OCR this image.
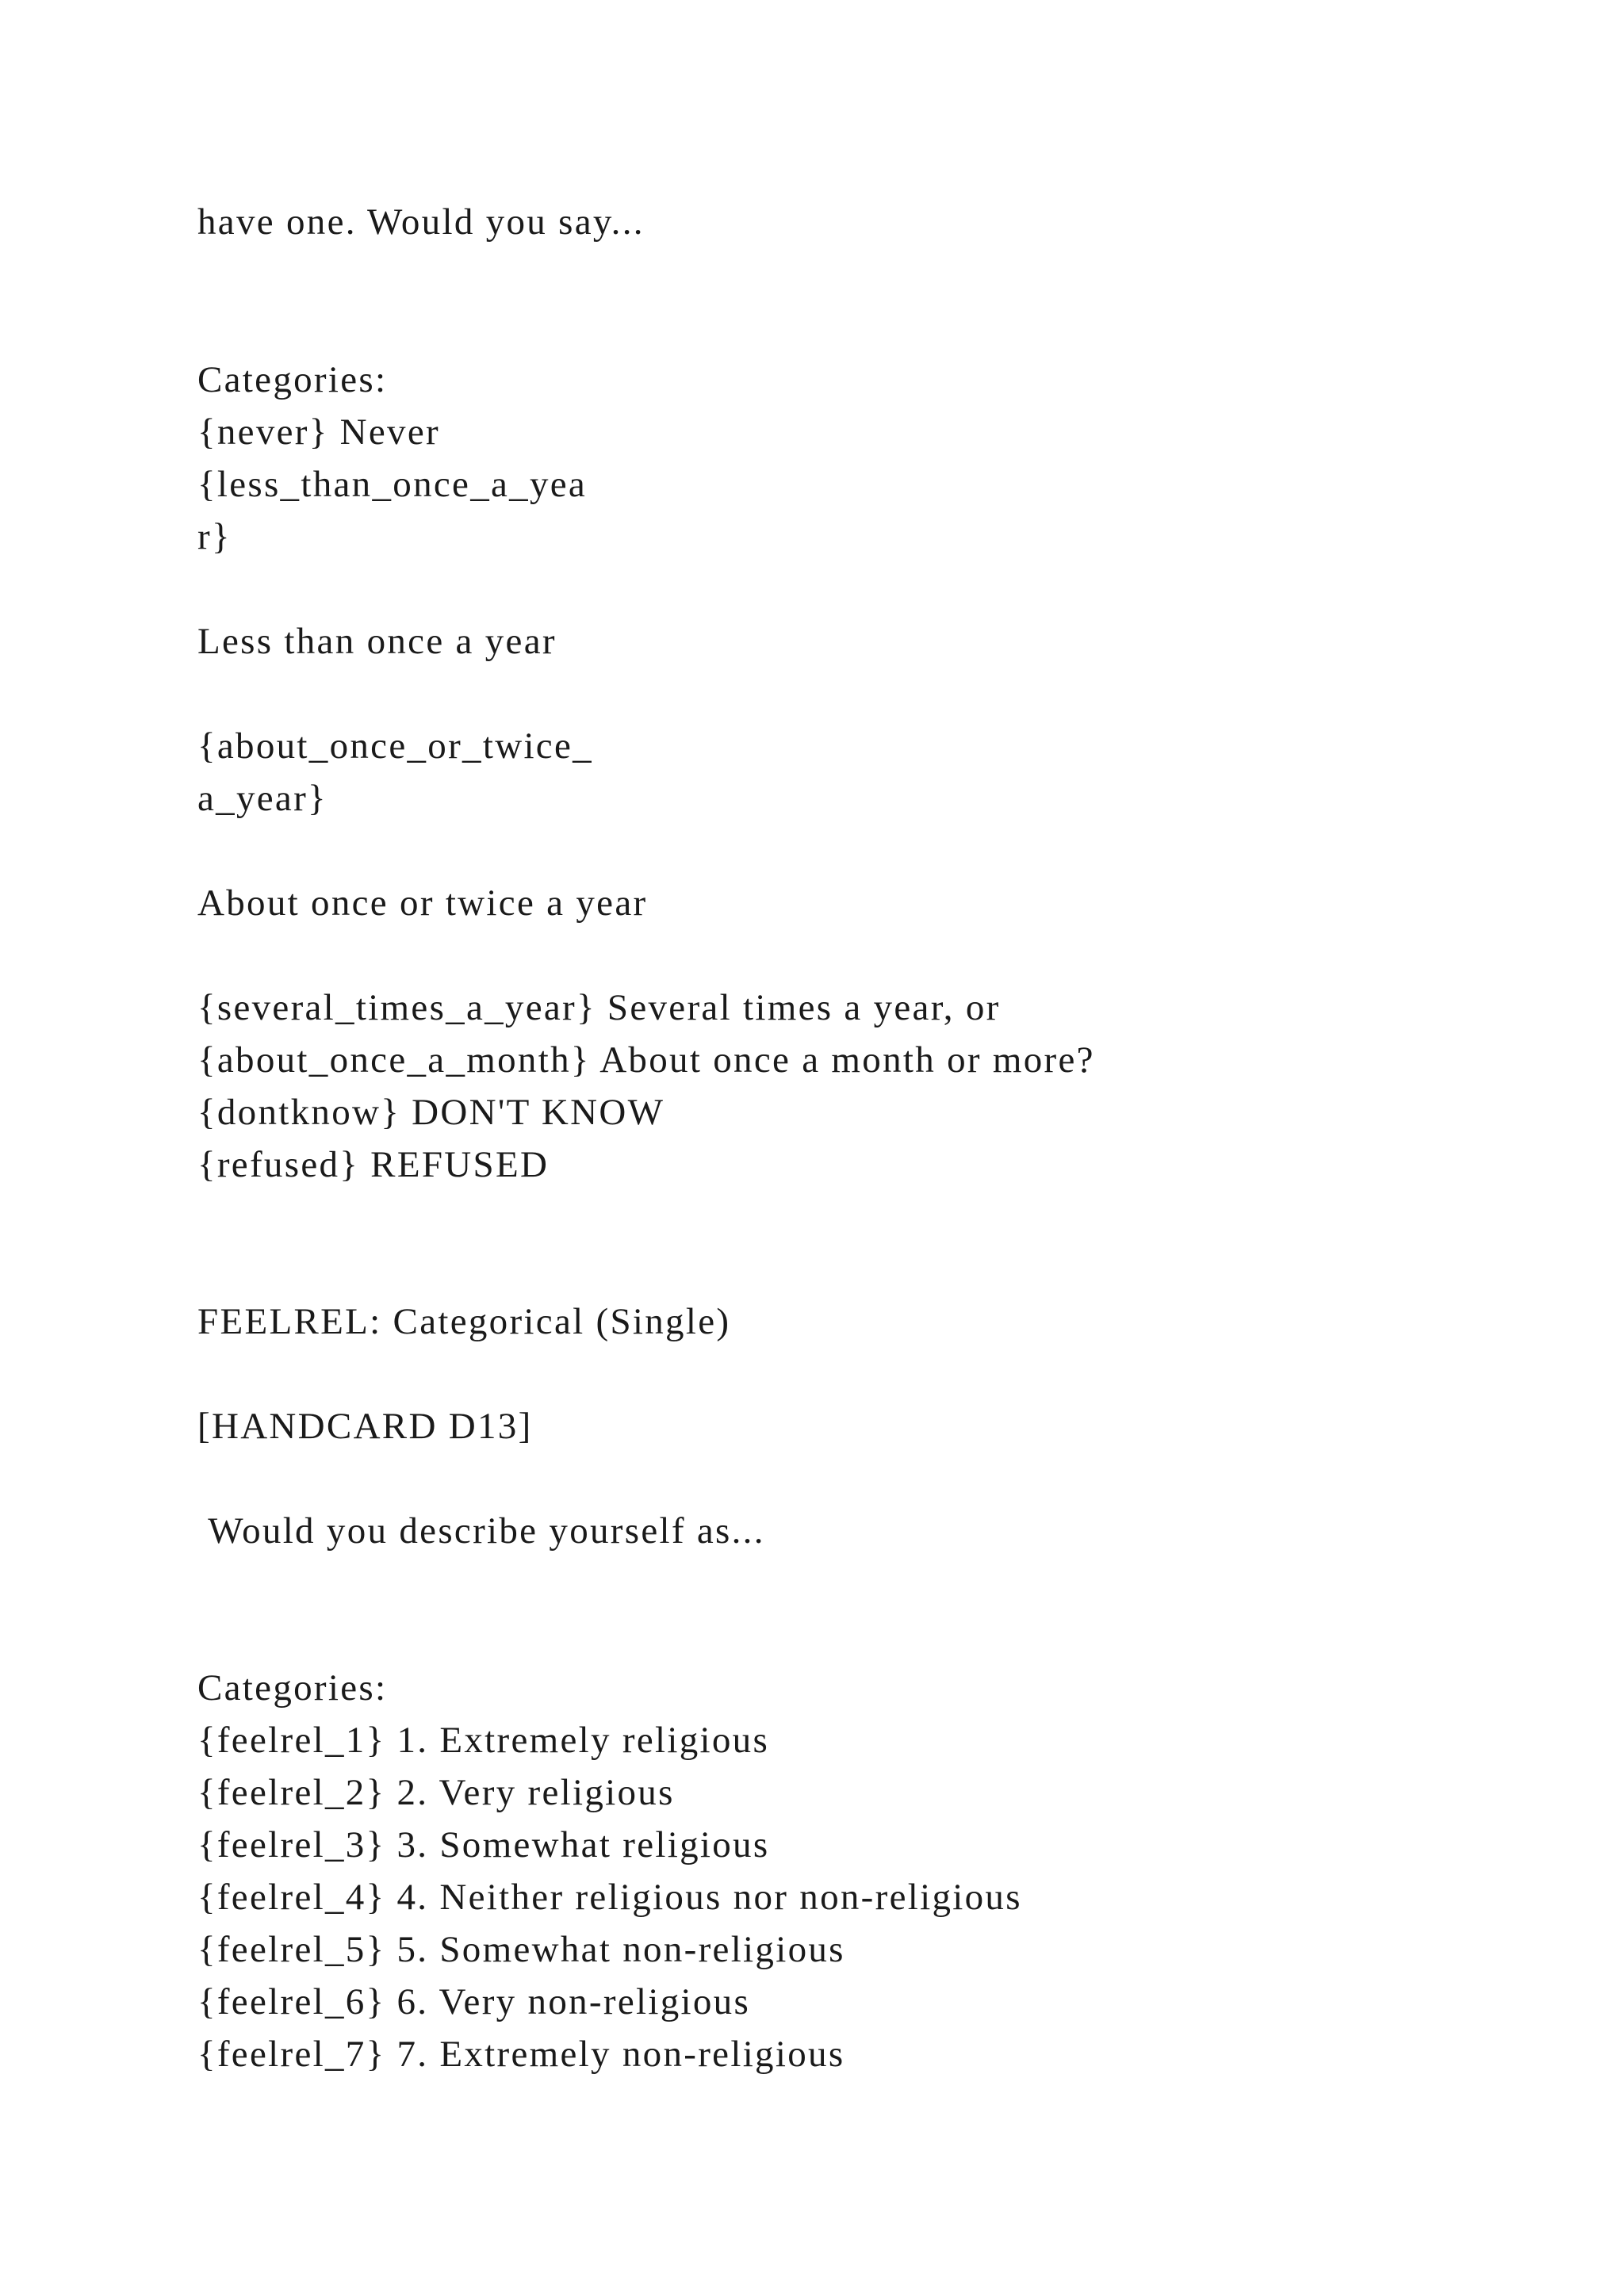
have one. Would you say...

Categories:

{never} Never

{less_than_once_a_yea

r}

Less than once a year

{about_once_or_twice_

a_year}

About once or twice a year

{several_times_a_year} Several times a year, or

{about_once_a_month} About once a month or more?

{dontknow} DON'T KNOW

{refused} REFUSED

FEELREL: Categorical (Single)

[HANDCARD D13]

Would you describe yourself as...

Categories:

{feelrel_1} 1. Extremely religious

{feelrel_2} 2. Very religious

{feelrel_3} 3. Somewhat religious

{feelrel_4} 4. Neither religious nor non-religious

{feelrel_5} 5. Somewhat non-religious

{feelrel_6} 6. Very non-religious

{feelrel_7} 7. Extremely non-religious
